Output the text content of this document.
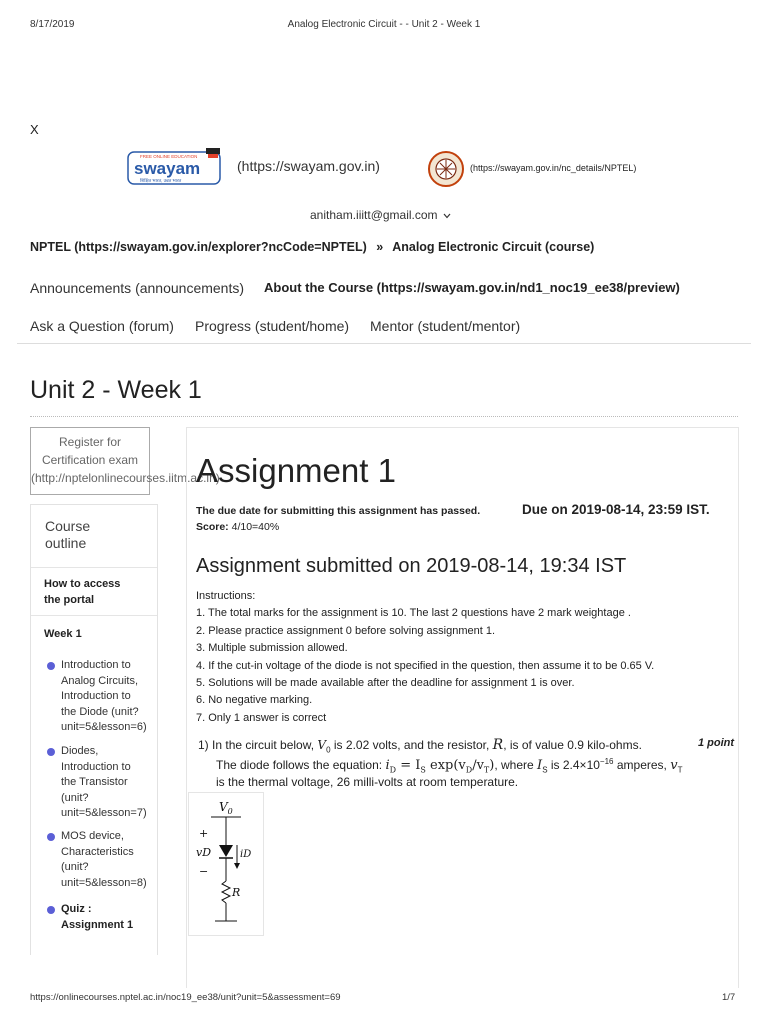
8/17/2019	Analog Electronic Circuit - - Unit 2 - Week 1
X
FREE ONLINE EDUCATION
swayam
शिक्षित भारत, उन्नत भारत
(https://swayam.gov.in)	(https://swayam.gov.in/nc_details/NPTEL)
anitham.iiitt@gmail.com
NPTEL (https://swayam.gov.in/explorer?ncCode=NPTEL) » Analog Electronic Circuit (course)
Announcements (announcements) About the Course (https://swayam.gov.in/nd1_noc19_ee38/preview)
Ask a Question (forum) Progress (student/home) Mentor (student/mentor)
Unit 2 - Week 1
Register for
Certification exam
(http://nptelonlinecourses.iitm.ac.in)
Course
outline
How to access
the portal
Week 1
Introduction to
Analog Circuits,
Introduction to
the Diode (unit?
unit=5&lesson=6)
Diodes,
Introduction to
the Transistor
(unit?
unit=5&lesson=7)
MOS device,
Characteristics
(unit?
unit=5&lesson=8)
Quiz :
Assignment 1
Assignment 1
The due date for submitting this assignment has passed.	Due on 2019-08-14, 23:59 IST.
Score: 4/10=40%
Assignment submitted on 2019-08-14, 19:34 IST
Instructions:
1. The total marks for the assignment is 10. The last 2 questions have 2 mark weightage .
2. Please practice assignment 0 before solving assignment 1.
3. Multiple submission allowed.
4. If the cut-in voltage of the diode is not specified in the question, then assume it to be 0.65 V.
5. Solutions will be made available after the deadline for assignment 1 is over.
6. No negative marking.
7. Only 1 answer is correct
1) In the circuit below, $V_0$ is 2.02 volts, and the resistor, R, is of value 0.9 kilo-ohms.	1 point
The diode follows the equation: $i_D = I_S$ $\exp(v_D/v_T)$, where $I_S$ is $2.4\times 10^{-16}$ amperes, $v_T$
is the thermal voltage, 26 milli-volts at room temperature.
$V_0$
+
vD	iD
−
R
https://onlinecourses.nptel.ac.in/noc19_ee38/unit?unit=5&assessment=69	1/7
